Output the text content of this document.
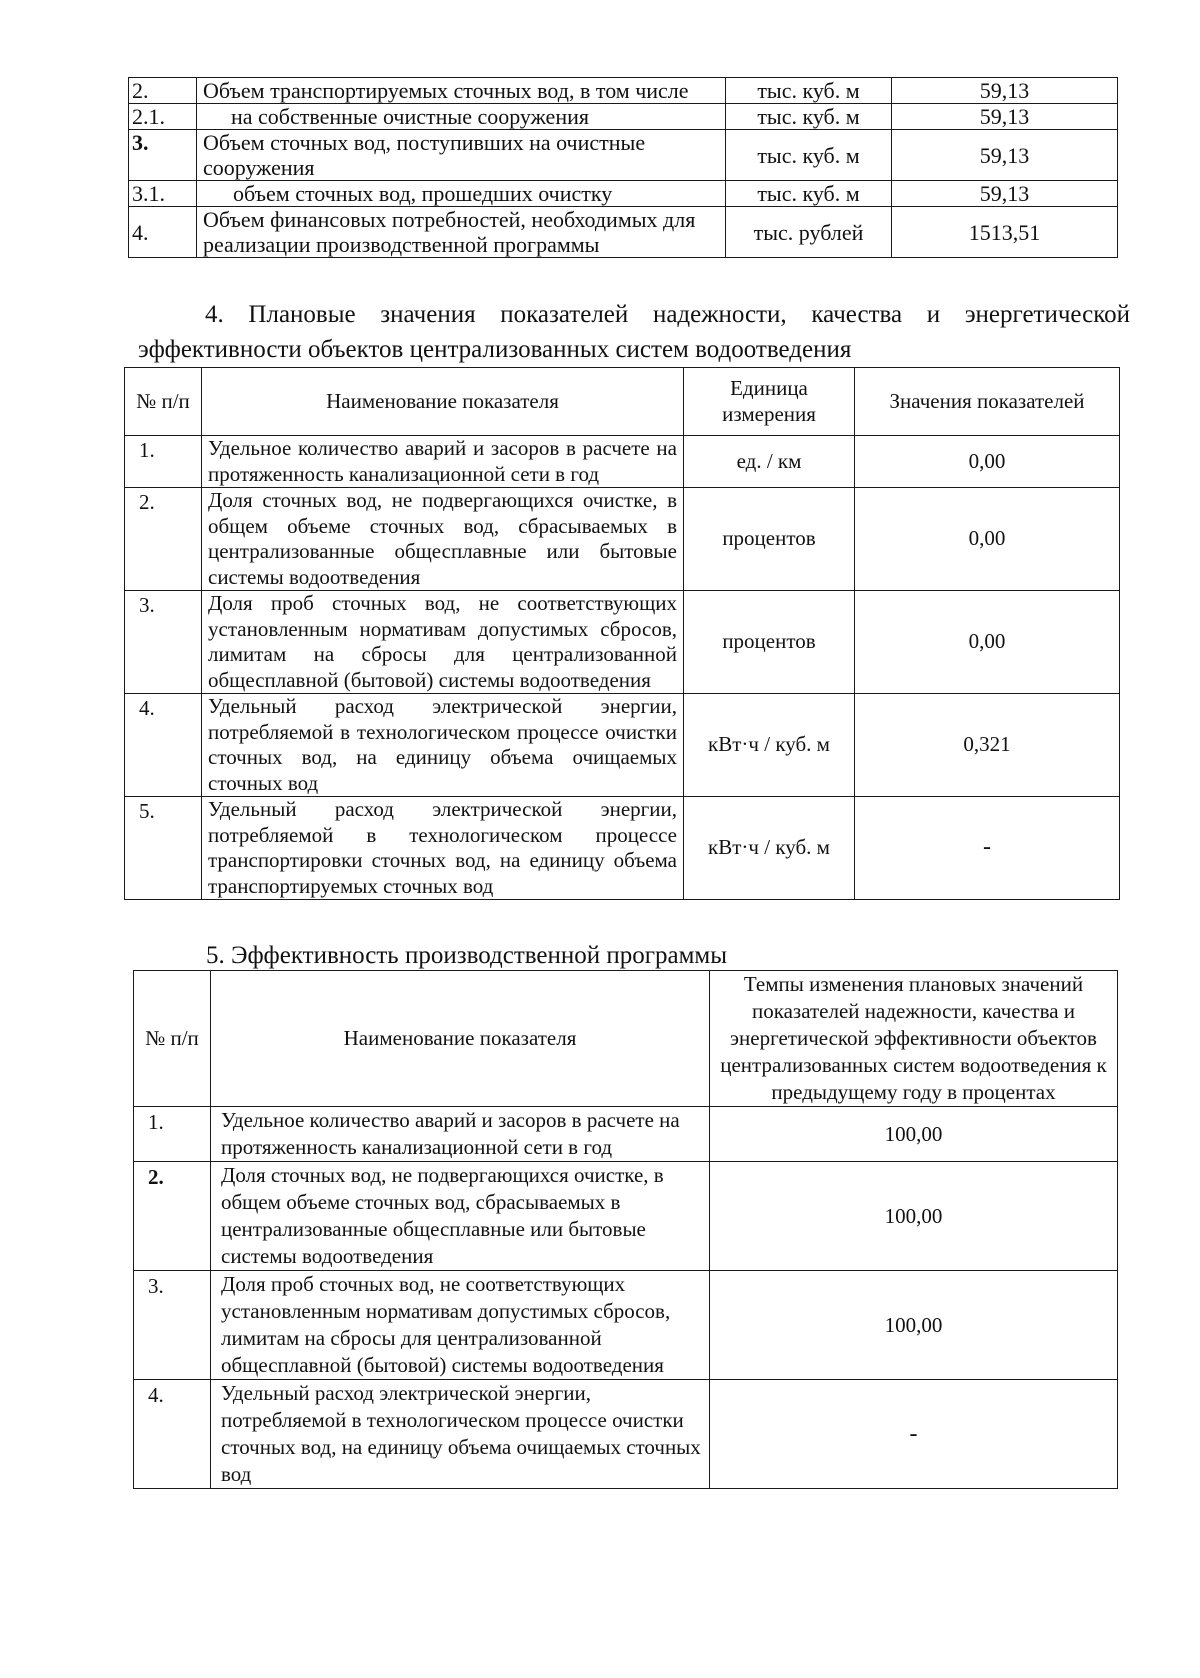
2.	Объем транспортируемых сточных вод, в том числе	тыс. куб. м	59,13
2.1.	на собственные очистные сооружения	тыс. куб. м	59,13
3.	Объем сточных вод, поступивших на очистные сооружения	тыс. куб. м	59,13
3.1.	объем сточных вод, прошедших очистку	тыс. куб. м	59,13
4.	Объем финансовых потребностей, необходимых для реализации производственной программы	тыс. рублей	1513,51
4. Плановые значения показателей надежности, качества и энергетической
эффективности объектов централизованных систем водоотведения
№ п/п	Наименование показателя	Единица измерения	Значения показателей
1.	Удельное количество аварий и засоров в расчете на протяженность канализационной сети в год	ед. / км	0,00
2.	Доля сточных вод, не подвергающихся очистке, в общем объеме сточных вод, сбрасываемых в централизованные общесплавные или бытовые системы водоотведения	процентов	0,00
3.	Доля проб сточных вод, не соответствующих установленным нормативам допустимых сбросов, лимитам на сбросы для централизованной общесплавной (бытовой) системы водоотведения	процентов	0,00
4.	Удельный расход электрической энергии, потребляемой в технологическом процессе очистки сточных вод, на единицу объема очищаемых сточных вод	кВт·ч / куб. м	0,321
5.	Удельный расход электрической энергии, потребляемой в технологическом процессе транспортировки сточных вод, на единицу объема транспортируемых сточных вод	кВт·ч / куб. м	-
5. Эффективность производственной программы
№ п/п	Наименование показателя	Темпы изменения плановых значений показателей надежности, качества и энергетической эффективности объектов централизованных систем водоотведения к предыдущему году в процентах
1.	Удельное количество аварий и засоров в расчете на протяженность канализационной сети в год	100,00
2.	Доля сточных вод, не подвергающихся очистке, в общем объеме сточных вод, сбрасываемых в централизованные общесплавные или бытовые системы водоотведения	100,00
3.	Доля проб сточных вод, не соответствующих установленным нормативам допустимых сбросов, лимитам на сбросы для централизованной общесплавной (бытовой) системы водоотведения	100,00
4.	Удельный расход электрической энергии, потребляемой в технологическом процессе очистки сточных вод, на единицу объема очищаемых сточных вод	-
